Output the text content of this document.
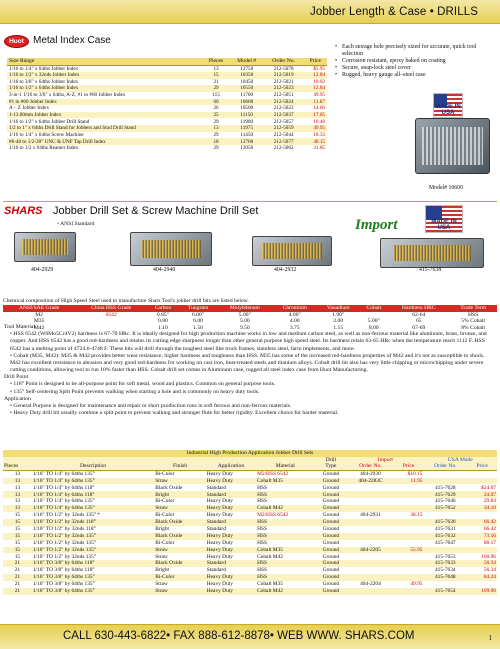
Jobber Length & Case • DRILLS
Huot Metal Index Case
Size Range	Pieces	Model #	Order No.	Price
1/16 to 1/4" x 64ths Jobber Index	13	12750	212-5078	$5.95
1/16 to 1/2" x 32nds Jobber Index	15	10350	212-5019	12.84
1/16 to 3/8" x 64ths Jobber Index	21	10450	212-5021	10.02
1/16 to 1/2" x 64ths Jobber Index	29	10550	212-5023	12.84
3-in-1 1/16 to 3/8" x 64ths, A-Z, #1 to #60 Jobber Index	115	11700	212-5051	49.95
#1 to #60 Jobber Index	60	10600	212-5024	11.87
A – Z Jobber Index	26	10500	212-5022	14.66
1-13.00mm Jobber Index	25	11150	212-5037	17.05
1/16 to 1/2" x 64ths Jobber Drill Stand	29	11900	212-5057	10.48
1/2 to 1" x 64ths Drill Stand for Jobbers and Stud Drill Stand	13	11975	212-5059	49.95
1/16 to 1/4" x 64ths Screw Machine	29	11450	212-5044	18.33
#6-40 to 1/2-20" UNC & UNF Tap Drill Index	18	12700	212-5077	48.15
1/16 to 1/2 x 64ths Reamer Index	29	12050	212-5062	31.85
• Each storage hole precisely sized for accurate, quick tool selection
• Corrosion resistant, epoxy baked on coating
• Secure, snap-lock steel cover
• Rugged, heavy gauge all–steel case
MADE IN USA
Model# 10600
SHARS Jobber Drill Set & Screw Machine Drill Set
• ANSI Standard	Import	MADE IN USA
404-2929	404-2940	404-2932	415-7638
Chemical composition of High Speed Steel used to manufacture Shars Tool's jobber drill bits are listed below.
ANSI/SAE Grade	China HSS Grade	Carbon	Tungsten	Molybdenum	Chromium	Vanadium	Cobalt	Hardness HRC	Trade Term
M2	6542	0.85"	6.00"	5.00"	4.00"	1.90"		62-64	HSS
M35		0.80	6.00	5.00	4.00	2.00	5.00"	65	5% Cobalt
M42		1.10	1.50	9.50	3.75	1.15	8.00	67-69	8% Cobalt

Tool Material

• HSS 6542 (W6Mo5Cr4V2) hardness is 67-70 HRc. It is ideally designed for high production machine works in low and medium carbon steel, as well as non-ferrous material like aluminum, brass, bronze, and copper. And HSS 6542 has a good red-hardness and retains its cutting edge sharpness longer than other general purpose high speed steel. Its hardness retain 63-65 HRc when the temperature reach 1112 F. HSS 6542 has a melting point of 4724.6-4748 F. These bits will drill through the toughest steel like truck frames, stainless steel, farm implements, and more.

• Cobalt (M35, M42): M35 & M42 provides better wear resistance, higher hardness and toughness than HSS. M35 has some of the increased red-hardness properties of M42 and it's not as susceptible to shock. M42 has excellent resistance to abrasion and very good red-hardness for working on cast iron, heat-treated steels and titanium alloys. Cobalt drill bit also has very little chipping or microchipping under severe cutting conditions, allowing tool to run 10% faster than HSS. Cobalt drill set comes in Aluminum case, rugged all steel index case from Huot Manufacturing.

Drill Point

• 118° Point is designed to be all-purpose point for soft metal, wood and plastics. Common on general purpose tools.

• 135° Self-centering Split Point prevents walking when starting a hole and is commonly on heavy duty tools.

Application

• General Purpose is designed for maintenance and repair or short production runs in soft ferrous and non-ferrous materials.

• Heavy Duty drill bit usually combine a split point to prevent walking and stronger flute for better rigidity. Excellent choice for harder material.

Industrial High Production Application Jobber Drill Sets									
					Drill	Import		USA Made	
Pieces	Description	Finish	Application	Material	Type	Order No.	Price	Order No.	Price
13	1/16" TO 1/4" by 64ths 135°	Bi-Color	Heavy Duty	M2/HSS 6542	Ground	404-2930	$10.15		
13	1/16" TO 1/4" by 64ths 135°	Straw	Heavy Duty	Cobalt M35	Ground	404-2283C	11.95		
13	1/16" TO 1/4" by 64ths 118°	Black Oxide	Standard	HSS	Ground			415-7628	$24.07
13	1/16" TO 1/4" by 64ths 118°	Bright	Standard	HSS	Ground			415-7629	24.07
13	1/16" TO 1/4" by 64ths 135°	Bi-Color	Heavy Duty	HSS	Ground			415-7646	29.84
13	1/16" TO 1/4" by 64ths 135°	Straw	Heavy Duty	Cobalt M42	Ground			415-7652	34.10
15	1/16" TO 1/2" by 32nds 135° *	Bi-Color	Heavy Duty	M2/HSS 6542	Ground	404-2931	38.15		
15	1/16" TO 1/2" by 32nds 118°	Black Oxide	Standard	HSS	Ground			415-7630	66.42
15	1/16" TO 1/2" by 32nds 118°	Bright	Standard	HSS	Ground			415-7631	66.42
15	1/16" TO 1/2" by 32nds 135°	Black Oxide	Heavy Duty	HSS	Ground			415-7632	73.16
15	1/16" TO 1/2" by 32nds 135°	Bi-Color	Heavy Duty	HSS	Ground			415-7647	86.17
15	1/16" TO 1/2" by 32nds 135°	Straw	Heavy Duty	Cobalt M35	Ground	404-2205	55.95		
15	1/16" TO 1/2" by 32nds 135°	Straw	Heavy Duty	Cobalt M42	Ground			415-7653	100.96
21	1/16" TO 3/8" by 64ths 118°	Black Oxide	Standard	HSS	Ground			415-7633	56.34
21	1/16" TO 3/8" by 64ths 118°	Bright	Standard	HSS	Ground			415-7634	56.34
21	1/16" TO 3/8" by 64ths 135°	Bi-Color	Heavy Duty	HSS	Ground			415-7648	84.24
21	1/16" TO 3/8" by 64ths 135°	Straw	Heavy Duty	Cobalt M35	Ground	404-2204	49.95		
21	1/16" TO 3/8" by 64ths 135°	Straw	Heavy Duty	Cobalt M42	Ground			415-7654	109.90
CALL 630-443-6822• FAX 888-612-8878• WEB WWW. SHARS.COM	1
